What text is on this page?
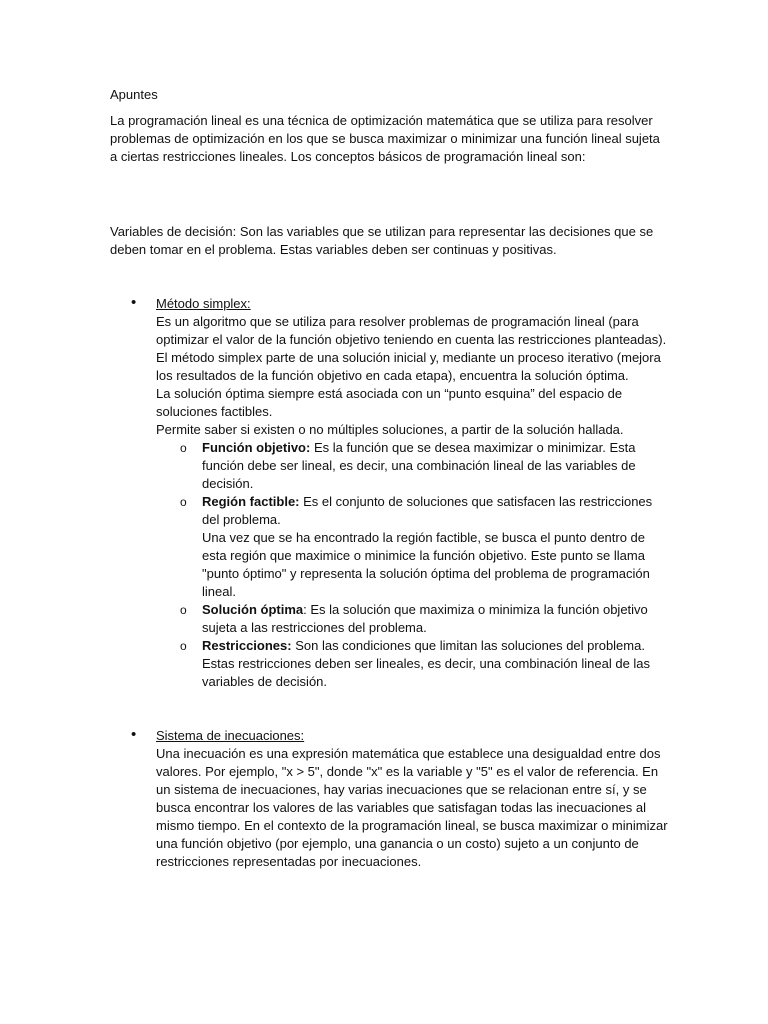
Apuntes

La programación lineal es una técnica de optimización matemática que se utiliza para resolver problemas de optimización en los que se busca maximizar o minimizar una función lineal sujeta a ciertas restricciones lineales. Los conceptos básicos de programación lineal son:

Variables de decisión: Son las variables que se utilizan para representar las decisiones que se deben tomar en el problema. Estas variables deben ser continuas y positivas.

• Método simplex:
Es un algoritmo que se utiliza para resolver problemas de programación lineal (para optimizar el valor de la función objetivo teniendo en cuenta las restricciones planteadas).
El método simplex parte de una solución inicial y, mediante un proceso iterativo (mejora los resultados de la función objetivo en cada etapa), encuentra la solución óptima.
La solución óptima siempre está asociada con un “punto esquina” del espacio de soluciones factibles.
Permite saber si existen o no múltiples soluciones, a partir de la solución hallada.
o Función objetivo: Es la función que se desea maximizar o minimizar. Esta función debe ser lineal, es decir, una combinación lineal de las variables de decisión.
o Región factible: Es el conjunto de soluciones que satisfacen las restricciones del problema.
Una vez que se ha encontrado la región factible, se busca el punto dentro de esta región que maximice o minimice la función objetivo. Este punto se llama "punto óptimo" y representa la solución óptima del problema de programación lineal.
o Solución óptima: Es la solución que maximiza o minimiza la función objetivo sujeta a las restricciones del problema.
o Restricciones: Son las condiciones que limitan las soluciones del problema. Estas restricciones deben ser lineales, es decir, una combinación lineal de las variables de decisión.
• Sistema de inecuaciones:
Una inecuación es una expresión matemática que establece una desigualdad entre dos valores. Por ejemplo, "x > 5", donde "x" es la variable y "5" es el valor de referencia. En un sistema de inecuaciones, hay varias inecuaciones que se relacionan entre sí, y se busca encontrar los valores de las variables que satisfagan todas las inecuaciones al mismo tiempo. En el contexto de la programación lineal, se busca maximizar o minimizar una función objetivo (por ejemplo, una ganancia o un costo) sujeto a un conjunto de restricciones representadas por inecuaciones.
